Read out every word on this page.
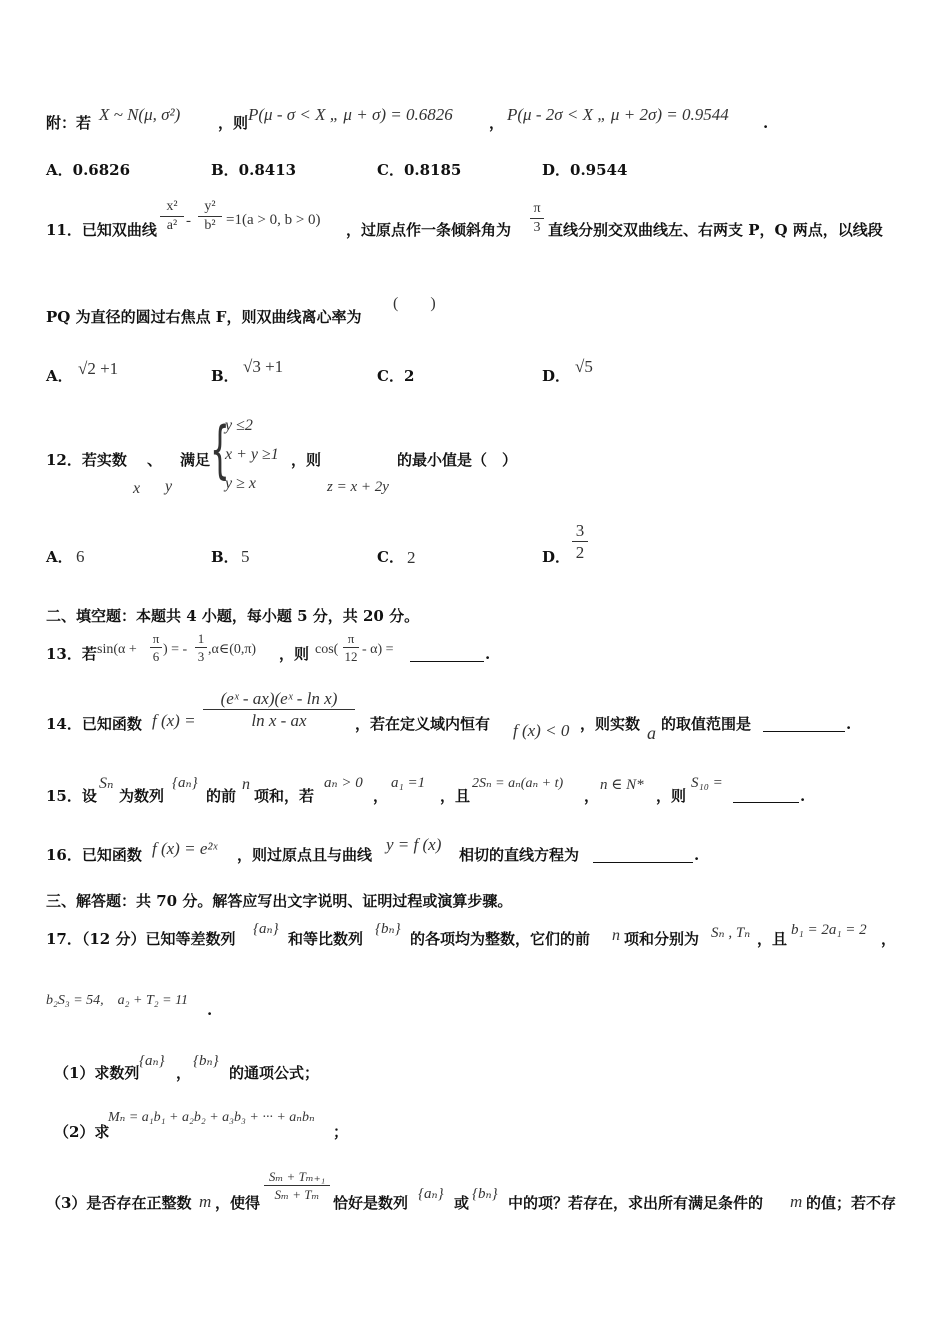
附：若 X ~ N(μ, σ²)	，则 P(μ - σ < X „ μ + σ) = 0.6826 ， P(μ - 2σ < X „ μ + 2σ) = 0.9544 .
A．0.6826	B．0.8413	C．0.8185	D．0.9544
11．已知双曲线
x²
a² -
y²
b² =1(a > 0, b > 0)
，过原点作一条倾斜角为
π
3 直线分别交双曲线左、右两支 P，Q 两点，以线段
PQ 为直径的圆过右焦点 F，则双曲线离心率为
(　　)
A． √2 +1	B． √3 +1	C．2	D． √5
12．若实数 、 满足
x y
{
y ≤2
x + y ≥1
y ≥ x
，则
z = x + 2y
的最小值是（　）
A． 6	B． 5	C． 2	D．
3
2
二、填空题：本题共 4 小题，每小题 5 分，共 20 分。
13．若 sin(α +
π
6 ) = -
1
3 ,α∈(0,π) ，则 cos(
π
12 - α) =	.
14．已知函数 f (x) =
(eˣ - ax)(eˣ - ln x)
ln x - ax	，若在定义域内恒有 f (x) < 0 ，则实数 a 的取值范围是	.
15．设
Sₙ
为数列
{aₙ}
的前
n
项和，若
aₙ > 0
，
a₁ =1
，且
2Sₙ = aₙ(aₙ + t)
，
n ∈ N*
，则
S₁₀ =
.
16．已知函数 f (x) = e²ˣ ，则过原点且与曲线
y = f (x)
相切的直线方程为	.
三、解答题：共 70 分。解答应写出文字说明、证明过程或演算步骤。
17．（12 分）已知等差数列
{aₙ}
和等比数列
{bₙ}
的各项均为整数，它们的前 n 项和分别为 Sₙ , Tₙ ，且 b₁ = 2a₁ = 2 ，
b₂S₃ = 54,　a₂ + T₂ = 11
.
（1）求数列
{aₙ}
，
{bₙ}
的通项公式；
（2）求
Mₙ = a₁b₁ + a₂b₂ + a₃b₃ + ··· + aₙbₙ
；
（3）是否存在正整数 m ，使得
Sₘ + Tₘ₊₁
Sₘ + Tₘ 恰好是数列 {aₙ} 或 {bₙ} 中的项？若存在，求出所有满足条件的 m 的值；若不存
